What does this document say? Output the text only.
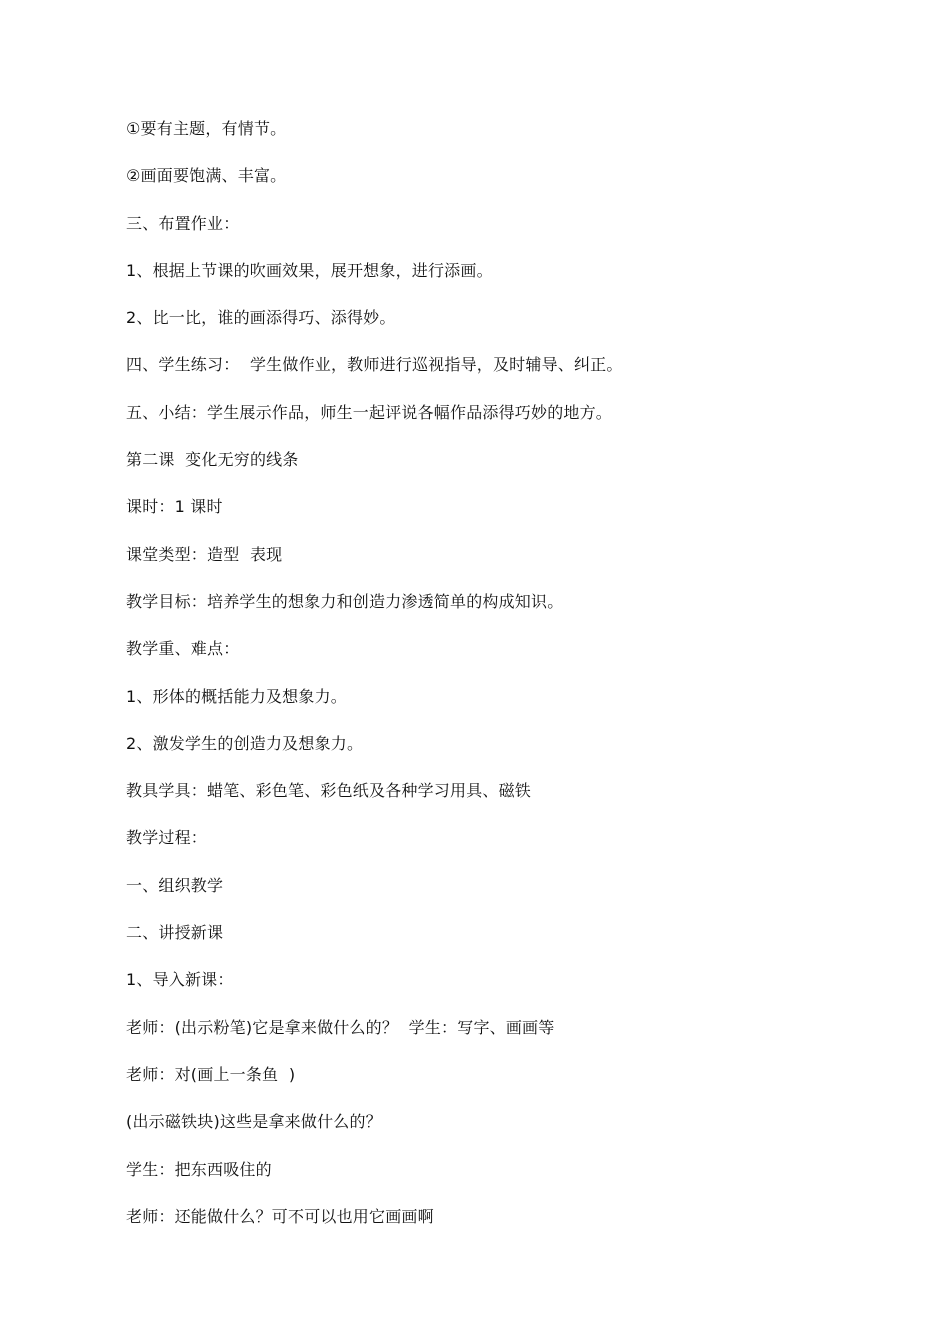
①要有主题，有情节。
②画面要饱满、丰富。
三、布置作业：
1、根据上节课的吹画效果，展开想象，进行添画。
2、比一比，谁的画添得巧、添得妙。
四、学生练习：  学生做作业，教师进行巡视指导，及时辅导、纠正。
五、小结：学生展示作品，师生一起评说各幅作品添得巧妙的地方。
第二课  变化无穷的线条
课时：1 课时
课堂类型：造型  表现
教学目标：培养学生的想象力和创造力渗透简单的构成知识。
教学重、难点：
1、形体的概括能力及想象力。
2、激发学生的创造力及想象力。
教具学具：蜡笔、彩色笔、彩色纸及各种学习用具、磁铁
教学过程：
一、组织教学
二、讲授新课
1、导入新课：
老师：(出示粉笔)它是拿来做什么的？  学生：写字、画画等
老师：对(画上一条鱼  )
(出示磁铁块)这些是拿来做什么的？
学生：把东西吸住的
老师：还能做什么？可不可以也用它画画啊
